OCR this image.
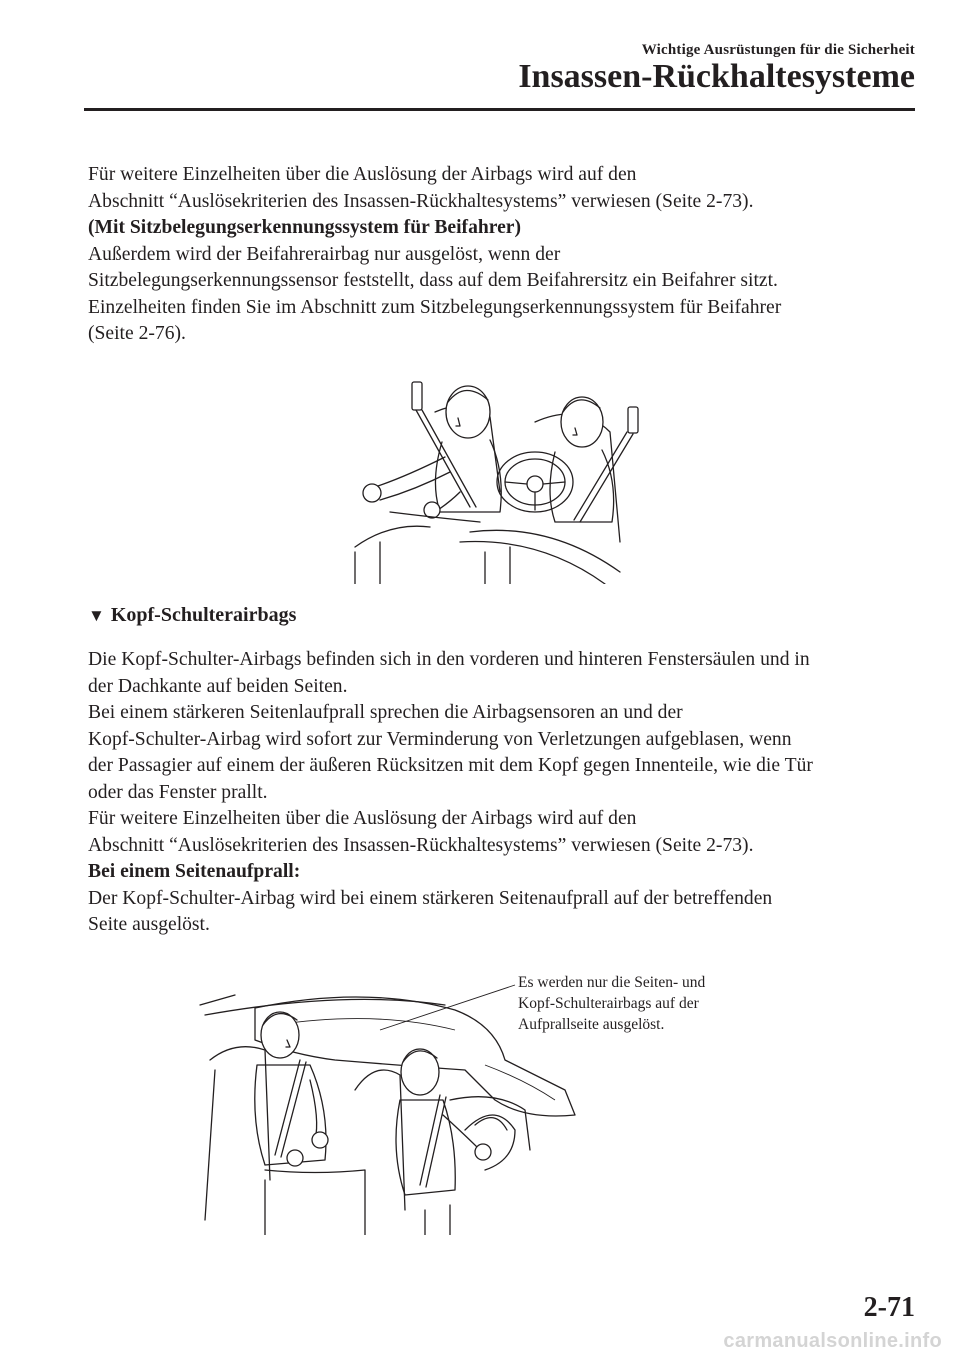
Wichtige Ausrüstungen für die Sicherheit
Insassen-Rückhaltesysteme
Für weitere Einzelheiten über die Auslösung der Airbags wird auf den
Abschnitt “Auslösekriterien des Insassen-Rückhaltesystems” verwiesen (Seite 2-73).
(Mit Sitzbelegungserkennungssystem für Beifahrer)
Außerdem wird der Beifahrerairbag nur ausgelöst, wenn der
Sitzbelegungserkennungssensor feststellt, dass auf dem Beifahrersitz ein Beifahrer sitzt.
Einzelheiten finden Sie im Abschnitt zum Sitzbelegungserkennungssystem für Beifahrer
(Seite 2-76).
▼ Kopf-Schulterairbags
Die Kopf-Schulter-Airbags befinden sich in den vorderen und hinteren Fenstersäulen und in
der Dachkante auf beiden Seiten.
Bei einem stärkeren Seitenlaufprall sprechen die Airbagsensoren an und der
Kopf-Schulter-Airbag wird sofort zur Verminderung von Verletzungen aufgeblasen, wenn
der Passagier auf einem der äußeren Rücksitzen mit dem Kopf gegen Innenteile, wie die Tür
oder das Fenster prallt.
Für weitere Einzelheiten über die Auslösung der Airbags wird auf den
Abschnitt “Auslösekriterien des Insassen-Rückhaltesystems” verwiesen (Seite 2-73).
Bei einem Seitenaufprall:
Der Kopf-Schulter-Airbag wird bei einem stärkeren Seitenaufprall auf der betreffenden
Seite ausgelöst.
Es werden nur die Seiten- und
Kopf-Schulterairbags auf der
Aufprallseite ausgelöst.
2-71
carmanualsonline.info
